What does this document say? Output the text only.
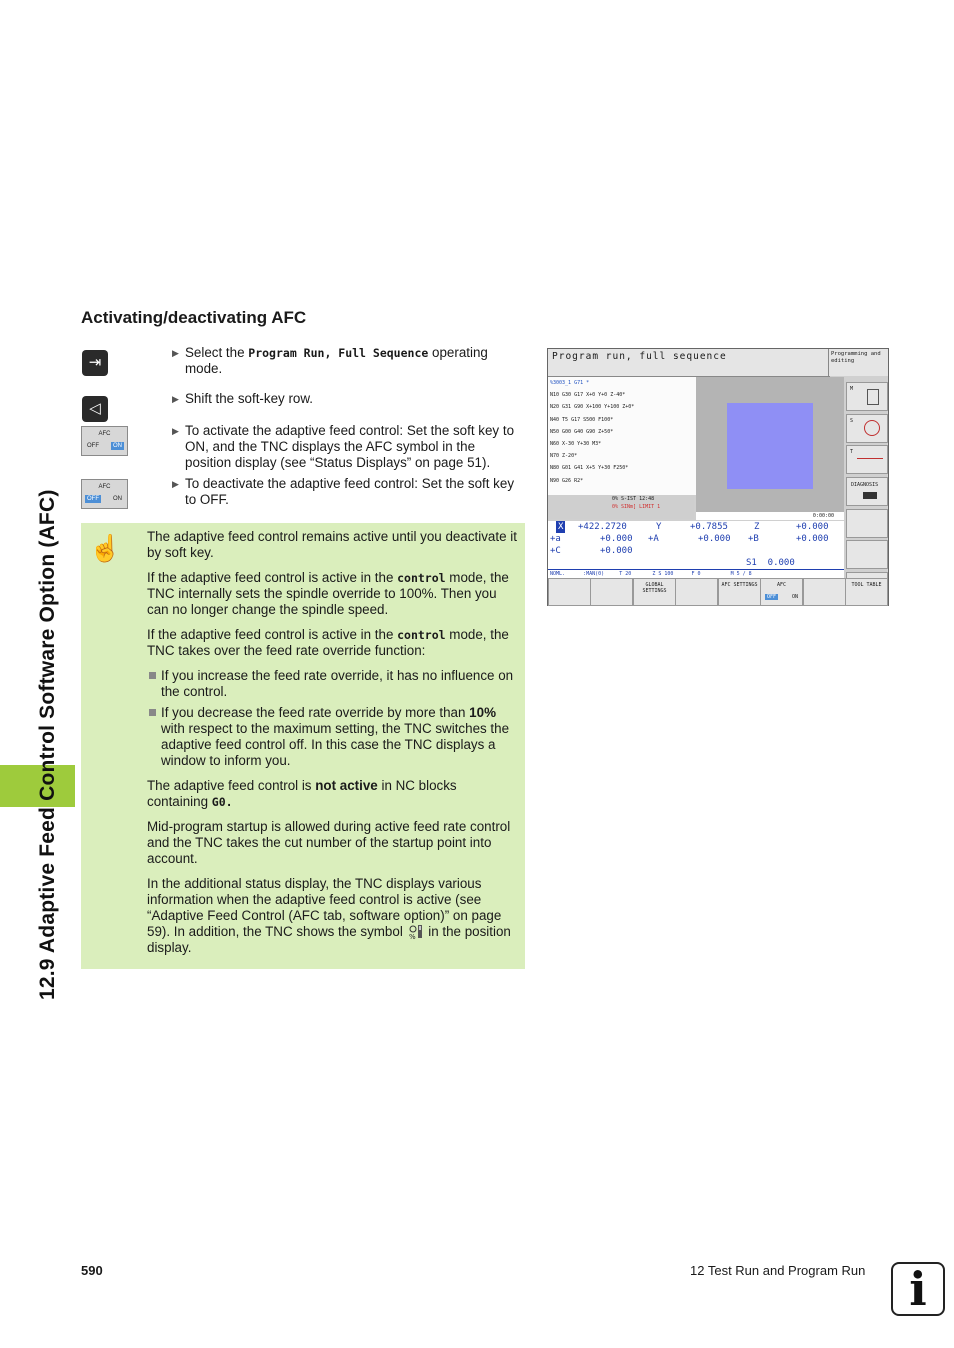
12.9 Adaptive Feed Control Software Option (AFC)
Activating/deactivating AFC
⇥
◁
AFC
OFF	ON
AFC
OFF	ON
▶ Select the Program Run, Full Sequence operating mode.
▶ Shift the soft-key row.
▶ To activate the adaptive feed control: Set the soft key to ON, and the TNC displays the AFC symbol in the position display (see “Status Displays” on page 51).
▶ To deactivate the adaptive feed control: Set the soft key to OFF.
Program run, full sequence	Programming and editing
%3003_1 G71 *
N10 G30 G17 X+0 Y+0 Z-40*
N20 G31 G90 X+100 Y+100 Z+0*
N40 T5 G17 S500 F100*
N50 G00 G40 G90 Z+50*
N60 X-30 Y+30 M3*
N70 Z-20*
N80 G01 G41 X+5 Y+30 F250*
N90 G26 R2*
0% S-IST 12:48
0% SINm] LIMIT 1
0:00:00
M
S
T
DIAGNOSIS
X +422.2720	Y	+0.7855	Z	+0.000
+a	+0.000 +A	+0.000 +B	+0.000
+C	+0.000
S1  0.000
NOML.      :MAN(0)     T 20       Z S 100      F 0          M 5 / 8
GLOBAL SETTINGS
AFC SETTINGS	AFC
OFF	ON
TOOL TABLE
☝ The adaptive feed control remains active until you deactivate it by soft key.

If the adaptive feed control is active in the control mode, the TNC internally sets the spindle override to 100%. Then you can no longer change the spindle speed.

If the adaptive feed control is active in the control mode, the TNC takes over the feed rate override function:

If you increase the feed rate override, it has no influence on the control.
If you decrease the feed rate override by more than 10% with respect to the maximum setting, the TNC switches the adaptive feed control off. In this case the TNC displays a window to inform you.

The adaptive feed control is not active in NC blocks containing G0.

Mid-program startup is allowed during active feed rate control and the TNC takes the cut number of the startup point into account.

In the additional status display, the TNC displays various information when the adaptive feed control is active (see “Adaptive Feed Control (AFC tab, software option)” on page 59). In addition, the TNC shows the symbol % in the position display.

590	12 Test Run and Program Run i
